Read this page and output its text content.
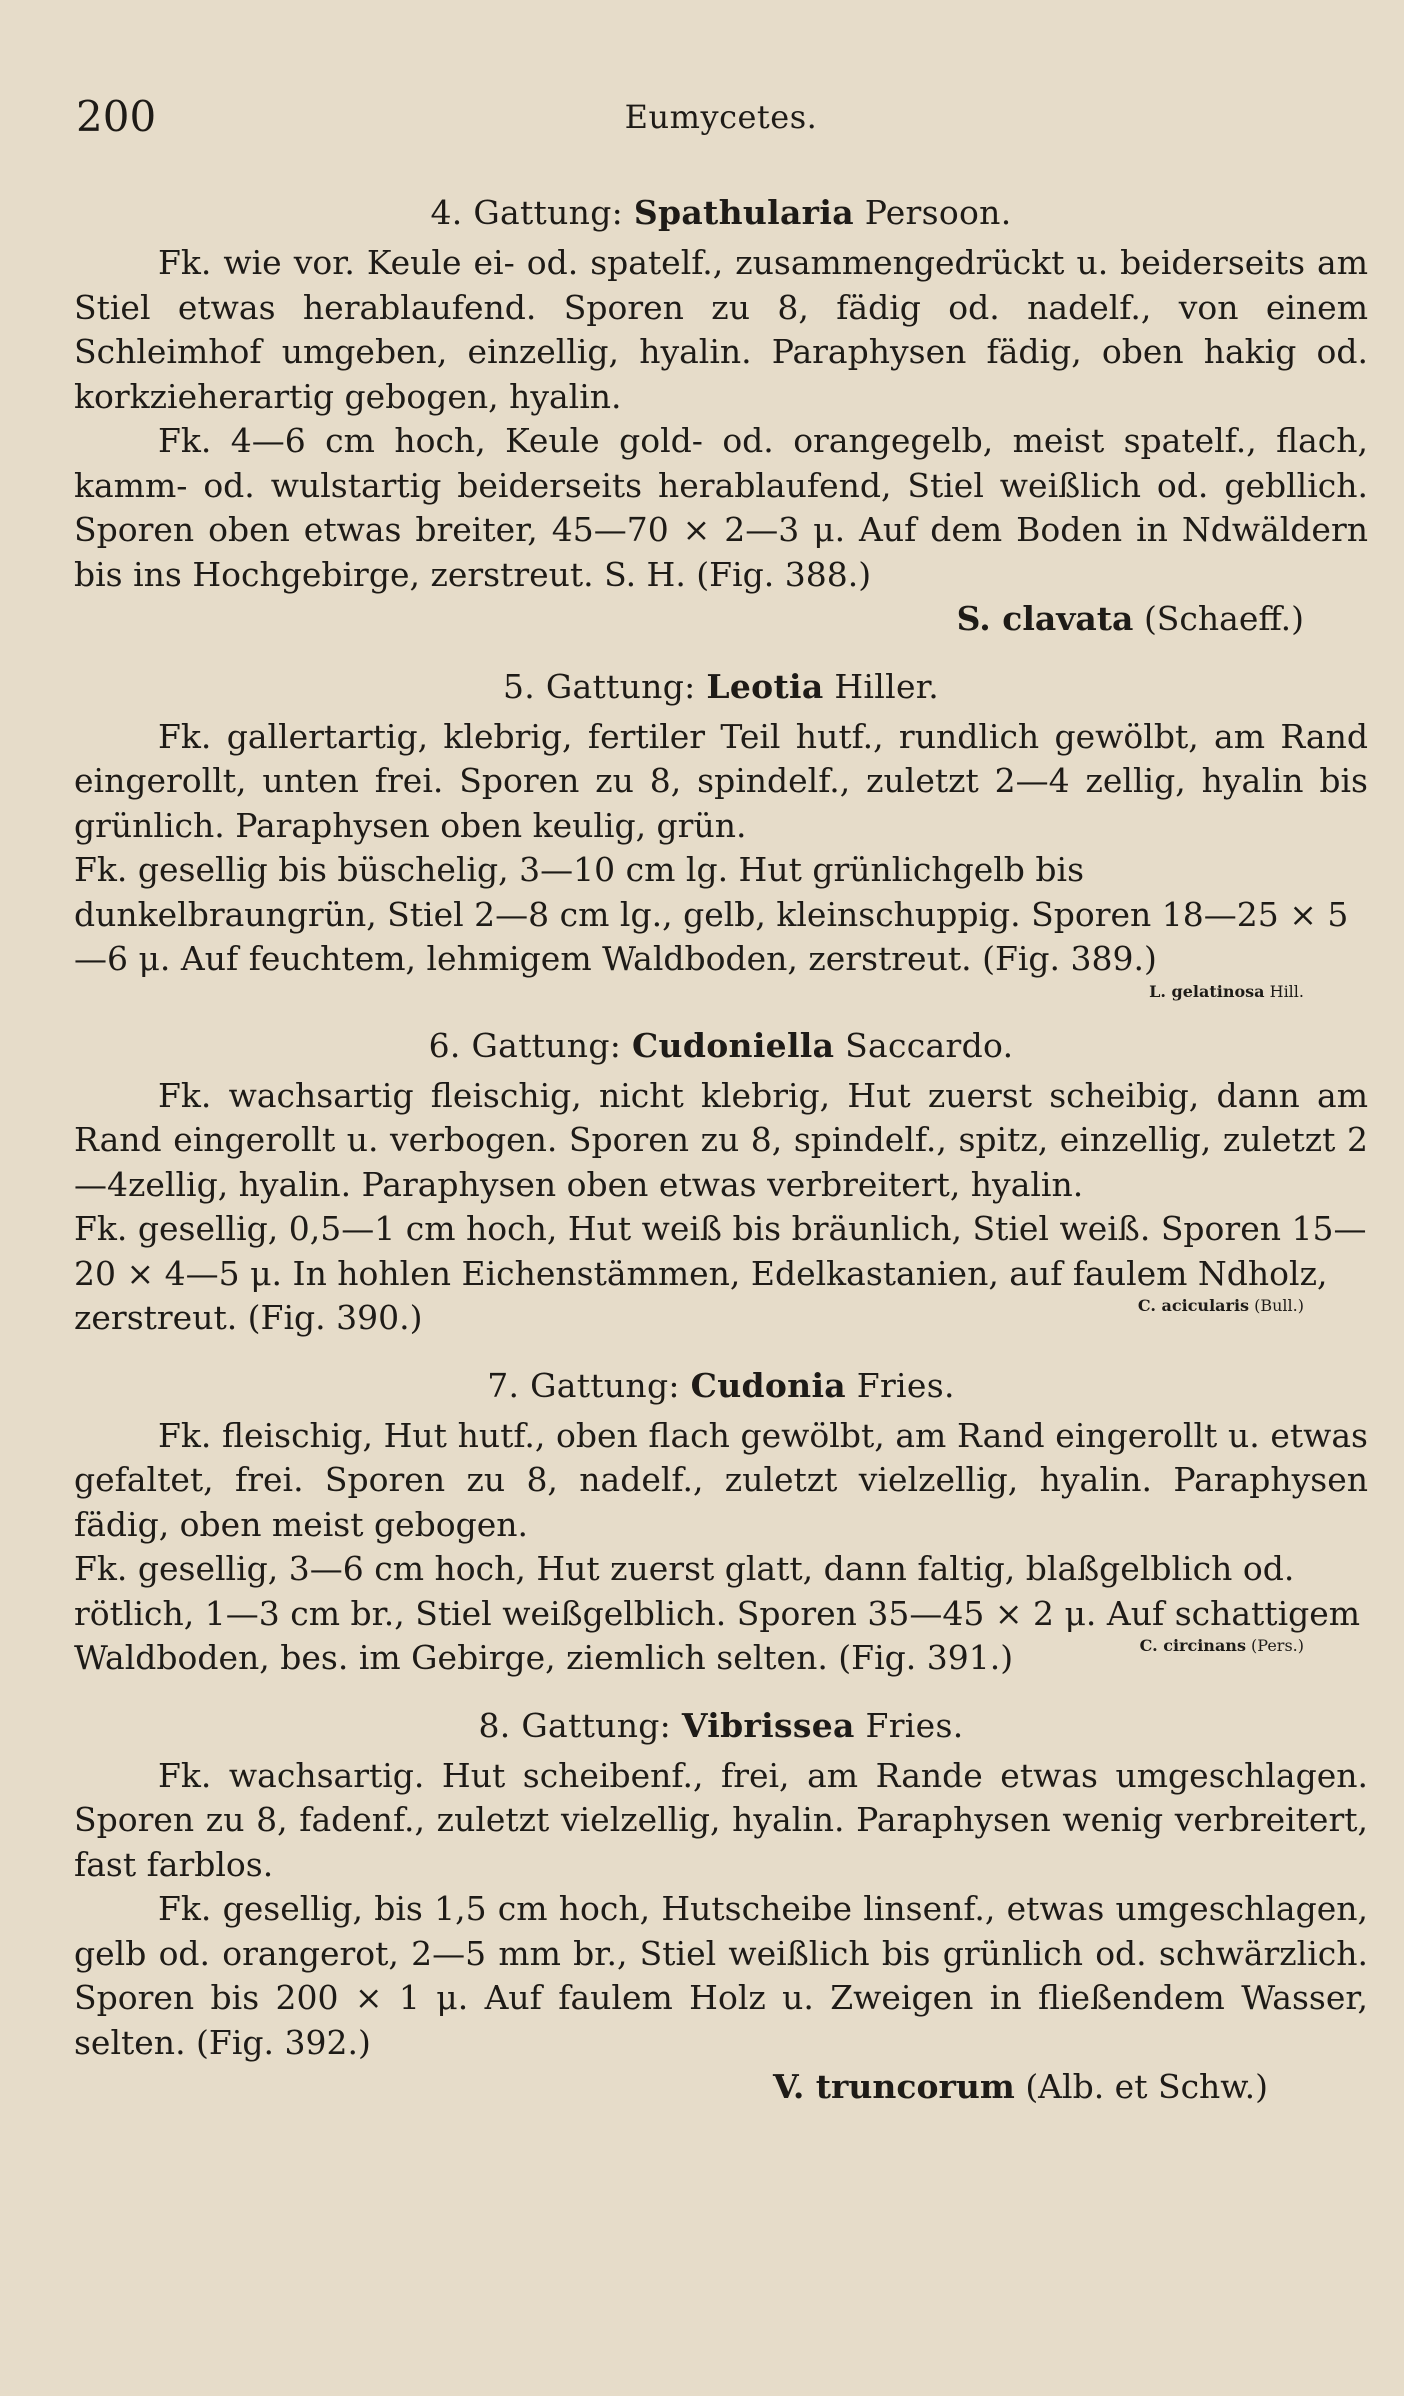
200	Eumycetes.
4. Gattung: Spathularia Persoon.

Fk. wie vor. Keule ei- od. spatelf., zusammengedrückt u. beiderseits am Stiel etwas herablaufend. Sporen zu 8, fädig od. nadelf., von einem Schleimhof umgeben, einzellig, hyalin. Paraphysen fädig, oben hakig od. korkzieherartig gebogen, hyalin.

Fk. 4—6 cm hoch, Keule gold- od. orangegelb, meist spatelf., flach, kamm- od. wulstartig beiderseits herablaufend, Stiel weißlich od. gebllich. Sporen oben etwas breiter, 45—70 × 2—3 μ. Auf dem Boden in Ndwäldern bis ins Hochgebirge, zerstreut. S. H. (Fig. 388.)

S. clavata (Schaeff.)
5. Gattung: Leotia Hiller.

Fk. gallertartig, klebrig, fertiler Teil hutf., rundlich gewölbt, am Rand eingerollt, unten frei. Sporen zu 8, spindelf., zuletzt 2—4 zellig, hyalin bis grünlich. Paraphysen oben keulig, grün.

Fk. gesellig bis büschelig, 3—10 cm lg. Hut grünlichgelb bis dunkelbraungrün, Stiel 2—8 cm lg., gelb, kleinschuppig. Sporen 18—25 × 5—6 μ. Auf feuchtem, lehmigem Waldboden, zerstreut. (Fig. 389.)

L. gelatinosa Hill.
6. Gattung: Cudoniella Saccardo.

Fk. wachsartig fleischig, nicht klebrig, Hut zuerst scheibig, dann am Rand eingerollt u. verbogen. Sporen zu 8, spindelf., spitz, einzellig, zuletzt 2—4zellig, hyalin. Paraphysen oben etwas verbreitert, hyalin.

Fk. gesellig, 0,5—1 cm hoch, Hut weiß bis bräunlich, Stiel weiß. Sporen 15—20 × 4—5 μ. In hohlen Eichenstämmen, Edelkastanien, auf faulem Ndholz, zerstreut. (Fig. 390.)	C. acicularis (Bull.)
7. Gattung: Cudonia Fries.

Fk. fleischig, Hut hutf., oben flach gewölbt, am Rand eingerollt u. etwas gefaltet, frei. Sporen zu 8, nadelf., zuletzt vielzellig, hyalin. Paraphysen fädig, oben meist gebogen.

Fk. gesellig, 3—6 cm hoch, Hut zuerst glatt, dann faltig, blaßgelblich od. rötlich, 1—3 cm br., Stiel weißgelblich. Sporen 35—45 × 2 μ. Auf schattigem Waldboden, bes. im Gebirge, ziemlich selten. (Fig. 391.)	C. circinans (Pers.)
8. Gattung: Vibrissea Fries.

Fk. wachsartig. Hut scheibenf., frei, am Rande etwas umgeschlagen. Sporen zu 8, fadenf., zuletzt vielzellig, hyalin. Paraphysen wenig verbreitert, fast farblos.

Fk. gesellig, bis 1,5 cm hoch, Hutscheibe linsenf., etwas umgeschlagen, gelb od. orangerot, 2—5 mm br., Stiel weißlich bis grünlich od. schwärzlich. Sporen bis 200 × 1 μ. Auf faulem Holz u. Zweigen in fließendem Wasser, selten. (Fig. 392.)

V. truncorum (Alb. et Schw.)
